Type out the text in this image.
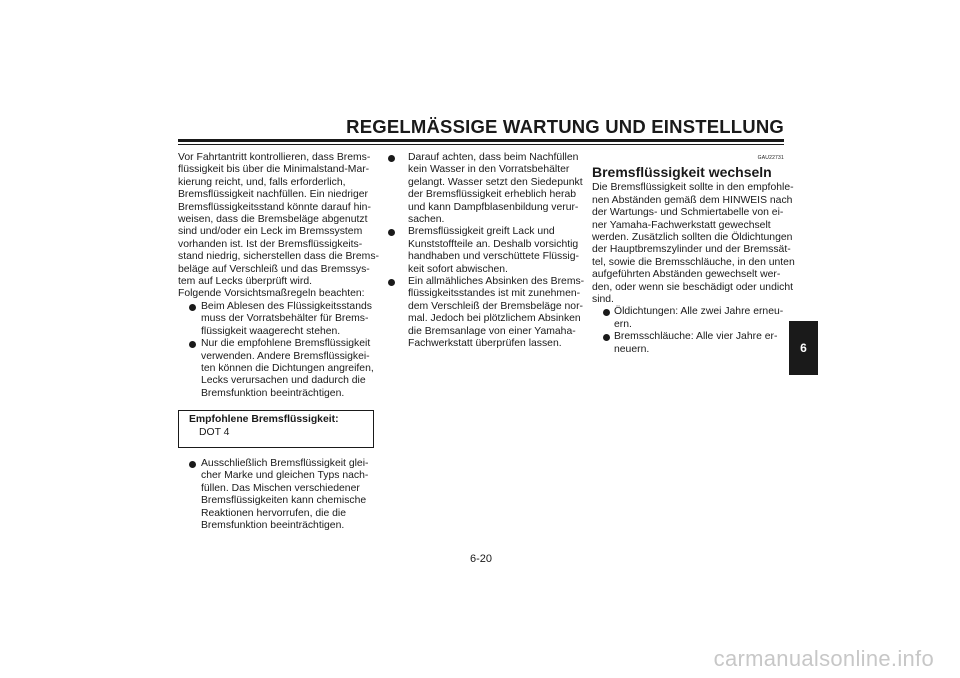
REGELMÄSSIGE WARTUNG UND EINSTELLUNG
Vor Fahrtantritt kontrollieren, dass Brems-
flüssigkeit bis über die Minimalstand-Mar-
kierung reicht, und, falls erforderlich,
Bremsflüssigkeit nachfüllen. Ein niedriger
Bremsflüssigkeitsstand könnte darauf hin-
weisen, dass die Bremsbeläge abgenutzt
sind und/oder ein Leck im Bremssystem
vorhanden ist. Ist der Bremsflüssigkeits-
stand niedrig, sicherstellen dass die Brems-
beläge auf Verschleiß und das Bremssys-
tem auf Lecks überprüft wird.
Folgende Vorsichtsmaßregeln beachten:
Beim Ablesen des Flüssigkeitsstands
muss der Vorratsbehälter für Brems-
flüssigkeit waagerecht stehen.
Nur die empfohlene Bremsflüssigkeit
verwenden. Andere Bremsflüssigkei-
ten können die Dichtungen angreifen,
Lecks verursachen und dadurch die
Bremsfunktion beeinträchtigen.
Empfohlene Bremsflüssigkeit:
DOT 4
Ausschließlich Bremsflüssigkeit glei-
cher Marke und gleichen Typs nach-
füllen. Das Mischen verschiedener
Bremsflüssigkeiten kann chemische
Reaktionen hervorrufen, die die
Bremsfunktion beeinträchtigen.
Darauf achten, dass beim Nachfüllen
kein Wasser in den Vorratsbehälter
gelangt. Wasser setzt den Siedepunkt
der Bremsflüssigkeit erheblich herab
und kann Dampfblasenbildung verur-
sachen.
Bremsflüssigkeit greift Lack und
Kunststoffteile an. Deshalb vorsichtig
handhaben und verschüttete Flüssig-
keit sofort abwischen.
Ein allmähliches Absinken des Brems-
flüssigkeitsstandes ist mit zunehmen-
dem Verschleiß der Bremsbeläge nor-
mal. Jedoch bei plötzlichem Absinken
die Bremsanlage von einer Yamaha-
Fachwerkstatt überprüfen lassen.
GAU22731
Bremsflüssigkeit wechseln
Die Bremsflüssigkeit sollte in den empfohle-
nen Abständen gemäß dem HINWEIS nach
der Wartungs- und Schmiertabelle von ei-
ner Yamaha-Fachwerkstatt gewechselt
werden. Zusätzlich sollten die Öldichtungen
der Hauptbremszylinder und der Bremssät-
tel, sowie die Bremsschläuche, in den unten
aufgeführten Abständen gewechselt wer-
den, oder wenn sie beschädigt oder undicht
sind.
Öldichtungen: Alle zwei Jahre erneu-
ern.
Bremsschläuche: Alle vier Jahre er-
neuern.	6
6-20
carmanualsonline.info
